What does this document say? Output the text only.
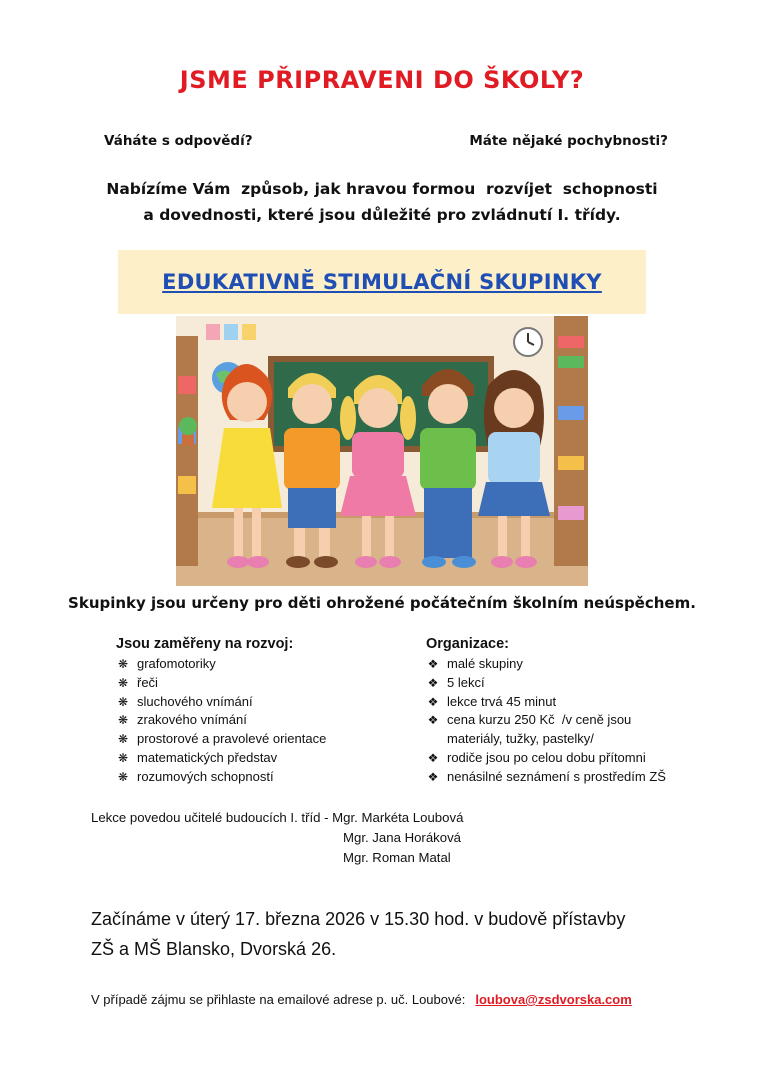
JSME PŘIPRAVENI DO ŠKOLY?
Váháte s odpovědí?	Máte nějaké pochybnosti?
Nabízíme Vám  způsob, jak hravou formou  rozvíjet  schopnosti
a dovednosti, které jsou důležité pro zvládnutí I. třídy.
EDUKATIVNĚ STIMULAČNÍ SKUPINKY
Skupinky jsou určeny pro děti ohrožené počátečním školním neúspěchem.
Jsou zaměřeny na rozvoj:
❋ grafomotoriky
❋ řeči
❋ sluchového vnímání
❋ zrakového vnímání
❋ prostorové a pravolevé orientace
❋ matematických představ
❋ rozumových schopností
Organizace:
❖ malé skupiny
❖ 5 lekcí
❖ lekce trvá 45 minut
❖ cena kurzu 250 Kč  /v ceně jsou materiály, tužky, pastelky/
❖ rodiče jsou po celou dobu přítomni
❖ nenásilné seznámení s prostředím ZŠ
Lekce povedou učitelé budoucích I. tříd - Mgr. Markéta Loubová
Mgr. Jana Horáková
Mgr. Roman Matal
Začínáme v úterý 17. března 2026 v 15.30 hod. v budově přístavby
ZŠ a MŠ Blansko, Dvorská 26.
V případě zájmu se přihlaste na emailové adrese p. uč. Loubové: loubova@zsdvorska.com
